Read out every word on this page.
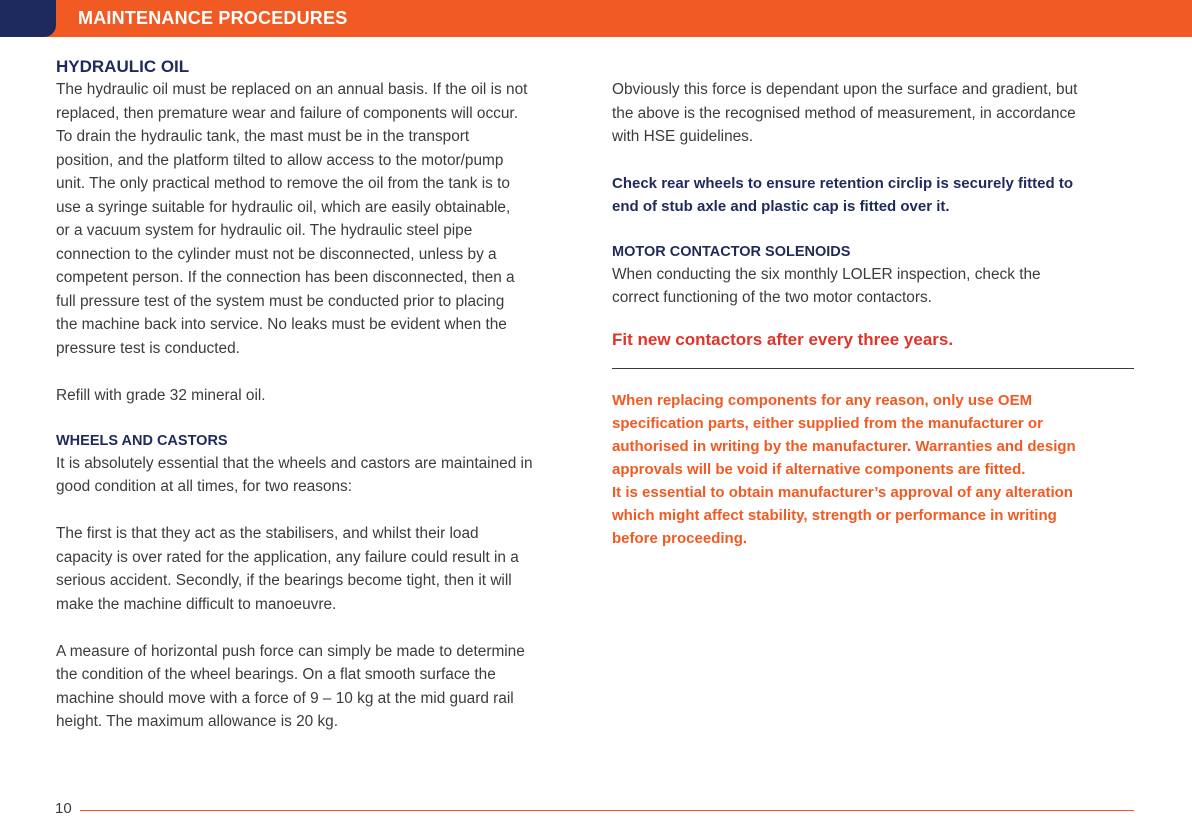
MAINTENANCE PROCEDURES
HYDRAULIC OIL

The hydraulic oil must be replaced on an annual basis. If the oil is not

replaced, then premature wear and failure of components will occur.

To drain the hydraulic tank, the mast must be in the transport

position, and the platform tilted to allow access to the motor/pump

unit. The only practical method to remove the oil from the tank is to

use a syringe suitable for hydraulic oil, which are easily obtainable,

or a vacuum system for hydraulic oil. The hydraulic steel pipe

connection to the cylinder must not be disconnected, unless by a

competent person. If the connection has been disconnected, then a

full pressure test of the system must be conducted prior to placing

the machine back into service. No leaks must be evident when the

pressure test is conducted.

Refill with grade 32 mineral oil.

WHEELS AND CASTORS

It is absolutely essential that the wheels and castors are maintained in

good condition at all times, for two reasons:

The first is that they act as the stabilisers, and whilst their load

capacity is over rated for the application, any failure could result in a

serious accident. Secondly, if the bearings become tight, then it will

make the machine difficult to manoeuvre.

A measure of horizontal push force can simply be made to determine

the condition of the wheel bearings. On a flat smooth surface the

machine should move with a force of 9 – 10 kg at the mid guard rail

height. The maximum allowance is 20 kg.

Obviously this force is dependant upon the surface and gradient, but

the above is the recognised method of measurement, in accordance

with HSE guidelines.

Check rear wheels to ensure retention circlip is securely fitted to

end of stub axle and plastic cap is fitted over it.

MOTOR CONTACTOR SOLENOIDS

When conducting the six monthly LOLER inspection, check the

correct functioning of the two motor contactors.

Fit new contactors after every three years.

When replacing components for any reason, only use OEM

specification parts, either supplied from the manufacturer or

authorised in writing by the manufacturer. Warranties and design

approvals will be void if alternative components are fitted.

It is essential to obtain manufacturer’s approval of any alteration

which might affect stability, strength or performance in writing

before proceeding.

10
